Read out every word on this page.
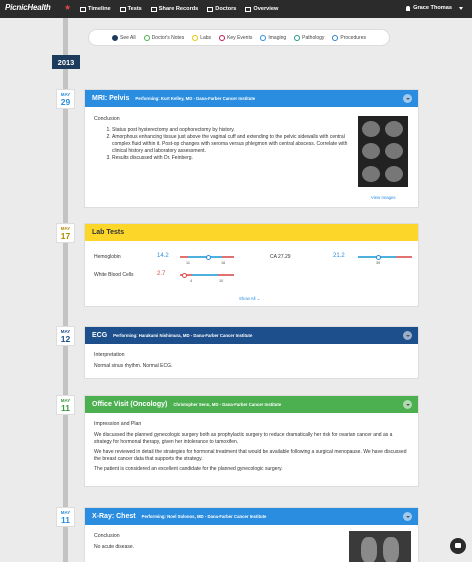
PicnicHealth ★	Timeline	Tests	Share Records	Doctors	Overview	Grace Thomas
See All	Doctor's Notes	Labs	Key Events	Imaging	Pathology	Procedures
2013
MAY
29	MRI: Pelvis Performing: Kurt Kelley, MD - Dana-Farber Cancer Institute
Conclusion
1. Status post hysterectomy and oophorectomy by history.
2. Amorphous enhancing tissue just above the vaginal cuff and extending to the pelvic sidewalls with central complex fluid within it. Post-op changes with seroma versus phlegmon with central abscess. Correlate with clinical history and laboratory assessment.
3. Results discussed with Dr. Feinberg.
View Images
MAY
17	Lab Tests
Hemoglobin	14.2
11	16
CA 27.29	21.2
39
White Blood Cells	2.7
4	10
Show All ⌄
MAY
12	ECG Performing: Harakumi Nishimura, MD - Dana-Farber Cancer Institute
Interpretation
Normal sinus rhythm. Normal ECG.
MAY
11	Office Visit (Oncology) Christopher Senn, MD - Dana-Farber Cancer Institute
Impression and Plan

We discussed the planned gynecologic surgery both as prophylactic surgery to reduce dramatically her risk for ovarian cancer and as a strategy for hormonal therapy, given her intolerance to tamoxifen.

We have reviewed in detail the strategies for hormonal treatment that would be available following a surgical menopause. We have discussed the breast cancer data that supports the strategy.

The patient is considered an excellent candidate for the planned gynecologic surgery.

MAY
11	X-Ray: Chest Performing: Noel Solonos, MD - Dana-Farber Cancer Institute
Conclusion
No acute disease.
